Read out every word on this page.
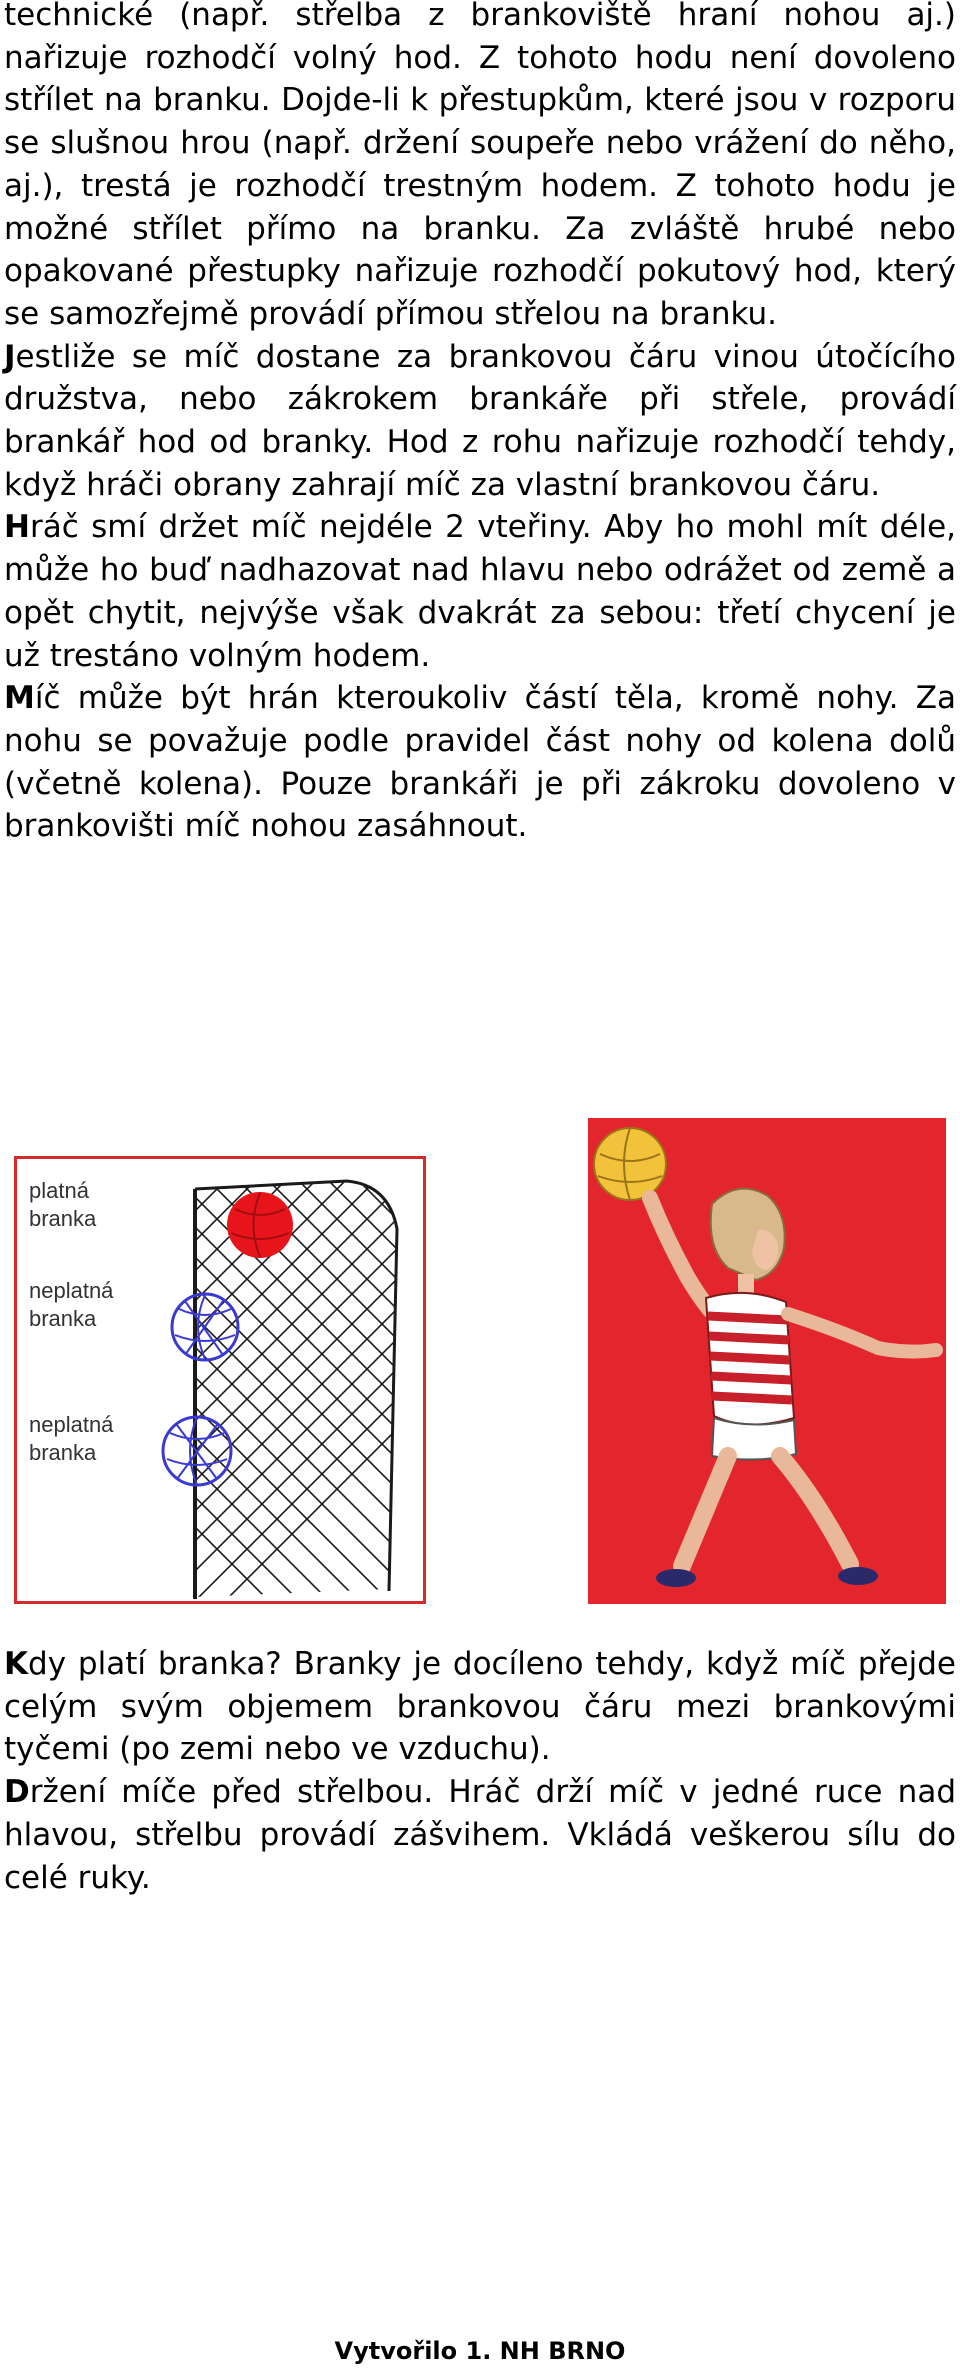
technické (např. střelba z brankoviště hraní nohou aj.) nařizuje rozhodčí volný hod. Z tohoto hodu není dovoleno střílet na branku. Dojde-li k přestupkům, které jsou v rozporu se slušnou hrou (např. držení soupeře nebo vrážení do něho, aj.), trestá je rozhodčí trestným hodem. Z tohoto hodu je možné střílet přímo na branku. Za zvláště hrubé nebo opakované přestupky nařizuje rozhodčí pokutový hod, který se samozřejmě provádí přímou střelou na branku.

Jestliže se míč dostane za brankovou čáru vinou útočícího družstva, nebo zákrokem brankáře při střele, provádí brankář hod od branky. Hod z rohu nařizuje rozhodčí tehdy, když hráči obrany zahrají míč za vlastní brankovou čáru.

Hráč smí držet míč nejdéle 2 vteřiny. Aby ho mohl mít déle, může ho buď nadhazovat nad hlavu nebo odrážet od země a opět chytit, nejvýše však dvakrát za sebou: třetí chycení je už trestáno volným hodem.

Míč může být hrán kteroukoliv částí těla, kromě nohy. Za nohu se považuje podle pravidel část nohy od kolena dolů (včetně kolena). Pouze brankáři je při zákroku dovoleno v brankovišti míč nohou zasáhnout.

platná
branka

neplatná
branka

neplatná
branka

Kdy platí branka? Branky je docíleno tehdy, když míč přejde celým svým objemem brankovou čáru mezi brankovými tyčemi (po zemi nebo ve vzduchu).

Držení míče před střelbou. Hráč drží míč v jedné ruce nad hlavou, střelbu provádí zášvihem. Vkládá veškerou sílu do celé ruky.

Vytvořilo 1. NH BRNO
